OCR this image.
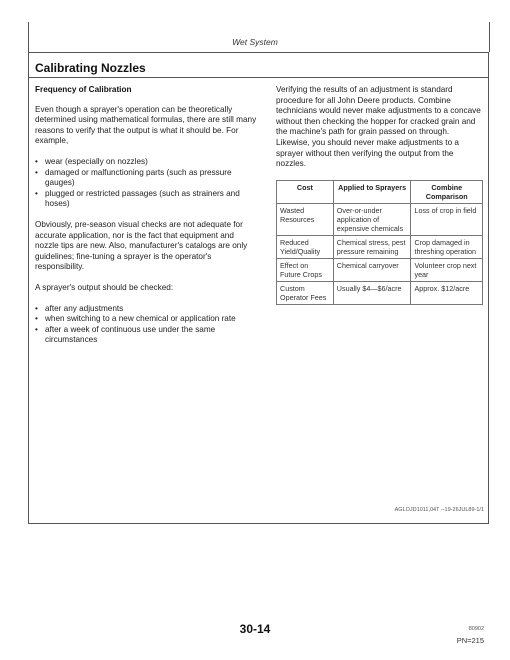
Wet System
Calibrating Nozzles
Frequency of Calibration

Even though a sprayer's operation can be theoretically determined using mathematical formulas, there are still many reasons to verify that the output is what it should be. For example,

• wear (especially on nozzles)
• damaged or malfunctioning parts (such as pressure gauges)
• plugged or restricted passages (such as strainers and hoses)

Obviously, pre-season visual checks are not adequate for accurate application, nor is the fact that equipment and nozzle tips are new. Also, manufacturer's catalogs are only guidelines; fine-tuning a sprayer is the operator's responsibility.

A sprayer's output should be checked:

• after any adjustments
• when switching to a new chemical or application rate
• after a week of continuous use under the same circumstances

Verifying the results of an adjustment is standard procedure for all John Deere products. Combine technicians would never make adjustments to a concave without then checking the hopper for cracked grain and the machine's path for grain passed on through. Likewise, you should never make adjustments to a sprayer without then verifying the output from the nozzles.

Cost	Applied to Sprayers	Combine Comparison
Wasted Resources	Over-or-under application of expensive chemicals	Loss of crop in field
Reduced Yield/Quality	Chemical stress, pest pressure remaining	Crop damaged in threshing operation
Effect on Future Crops	Chemical carryover	Volunteer crop next year
Custom Operator Fees	Usually $4—$6/acre	Approx. $12/acre
AGLOJD1011,04T --19-26JUL89-1/1
30-14	80902
PN=215
